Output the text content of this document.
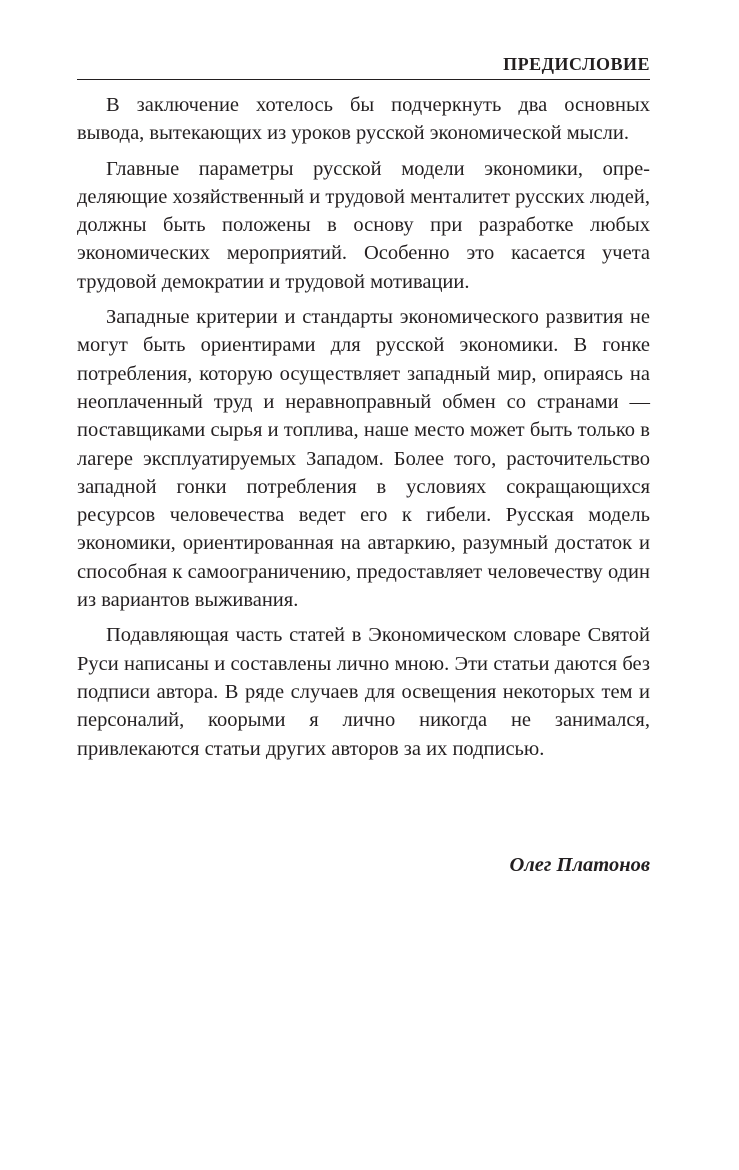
ПРЕДИСЛОВИЕ

В заключение хотелось бы подчеркнуть два основных вывода, вытекающих из уроков русской экономической мысли.

Главные параметры русской модели экономики, определяющие хозяйственный и трудовой менталитет русских людей, должны быть положены в основу при разработке любых экономических мероприятий. Особенно это касается учета трудовой демократии и трудовой мотивации.

Западные критерии и стандарты экономического развития не могут быть ориентирами для русской экономики. В гонке потребления, которую осуществляет западный мир, опираясь на неоплаченный труд и неравноправный обмен со странами — поставщиками сырья и топлива, наше место может быть только в лагере эксплуатируемых Западом. Более того, расточительство западной гонки потребления в условиях сокращающихся ресурсов человечества ведет его к гибели. Русская модель экономики, ориентированная на автаркию, разумный достаток и способная к самоограничению, предоставляет человечеству один из вариантов выживания.

Подавляющая часть статей в Экономическом словаре Святой Руси написаны и составлены лично мною. Эти статьи даются без подписи автора. В ряде случаев для освещения некоторых тем и персоналий, коорыми я лично никогда не занимался, привлекаются статьи других авторов за их подписью.

Олег Платонов
